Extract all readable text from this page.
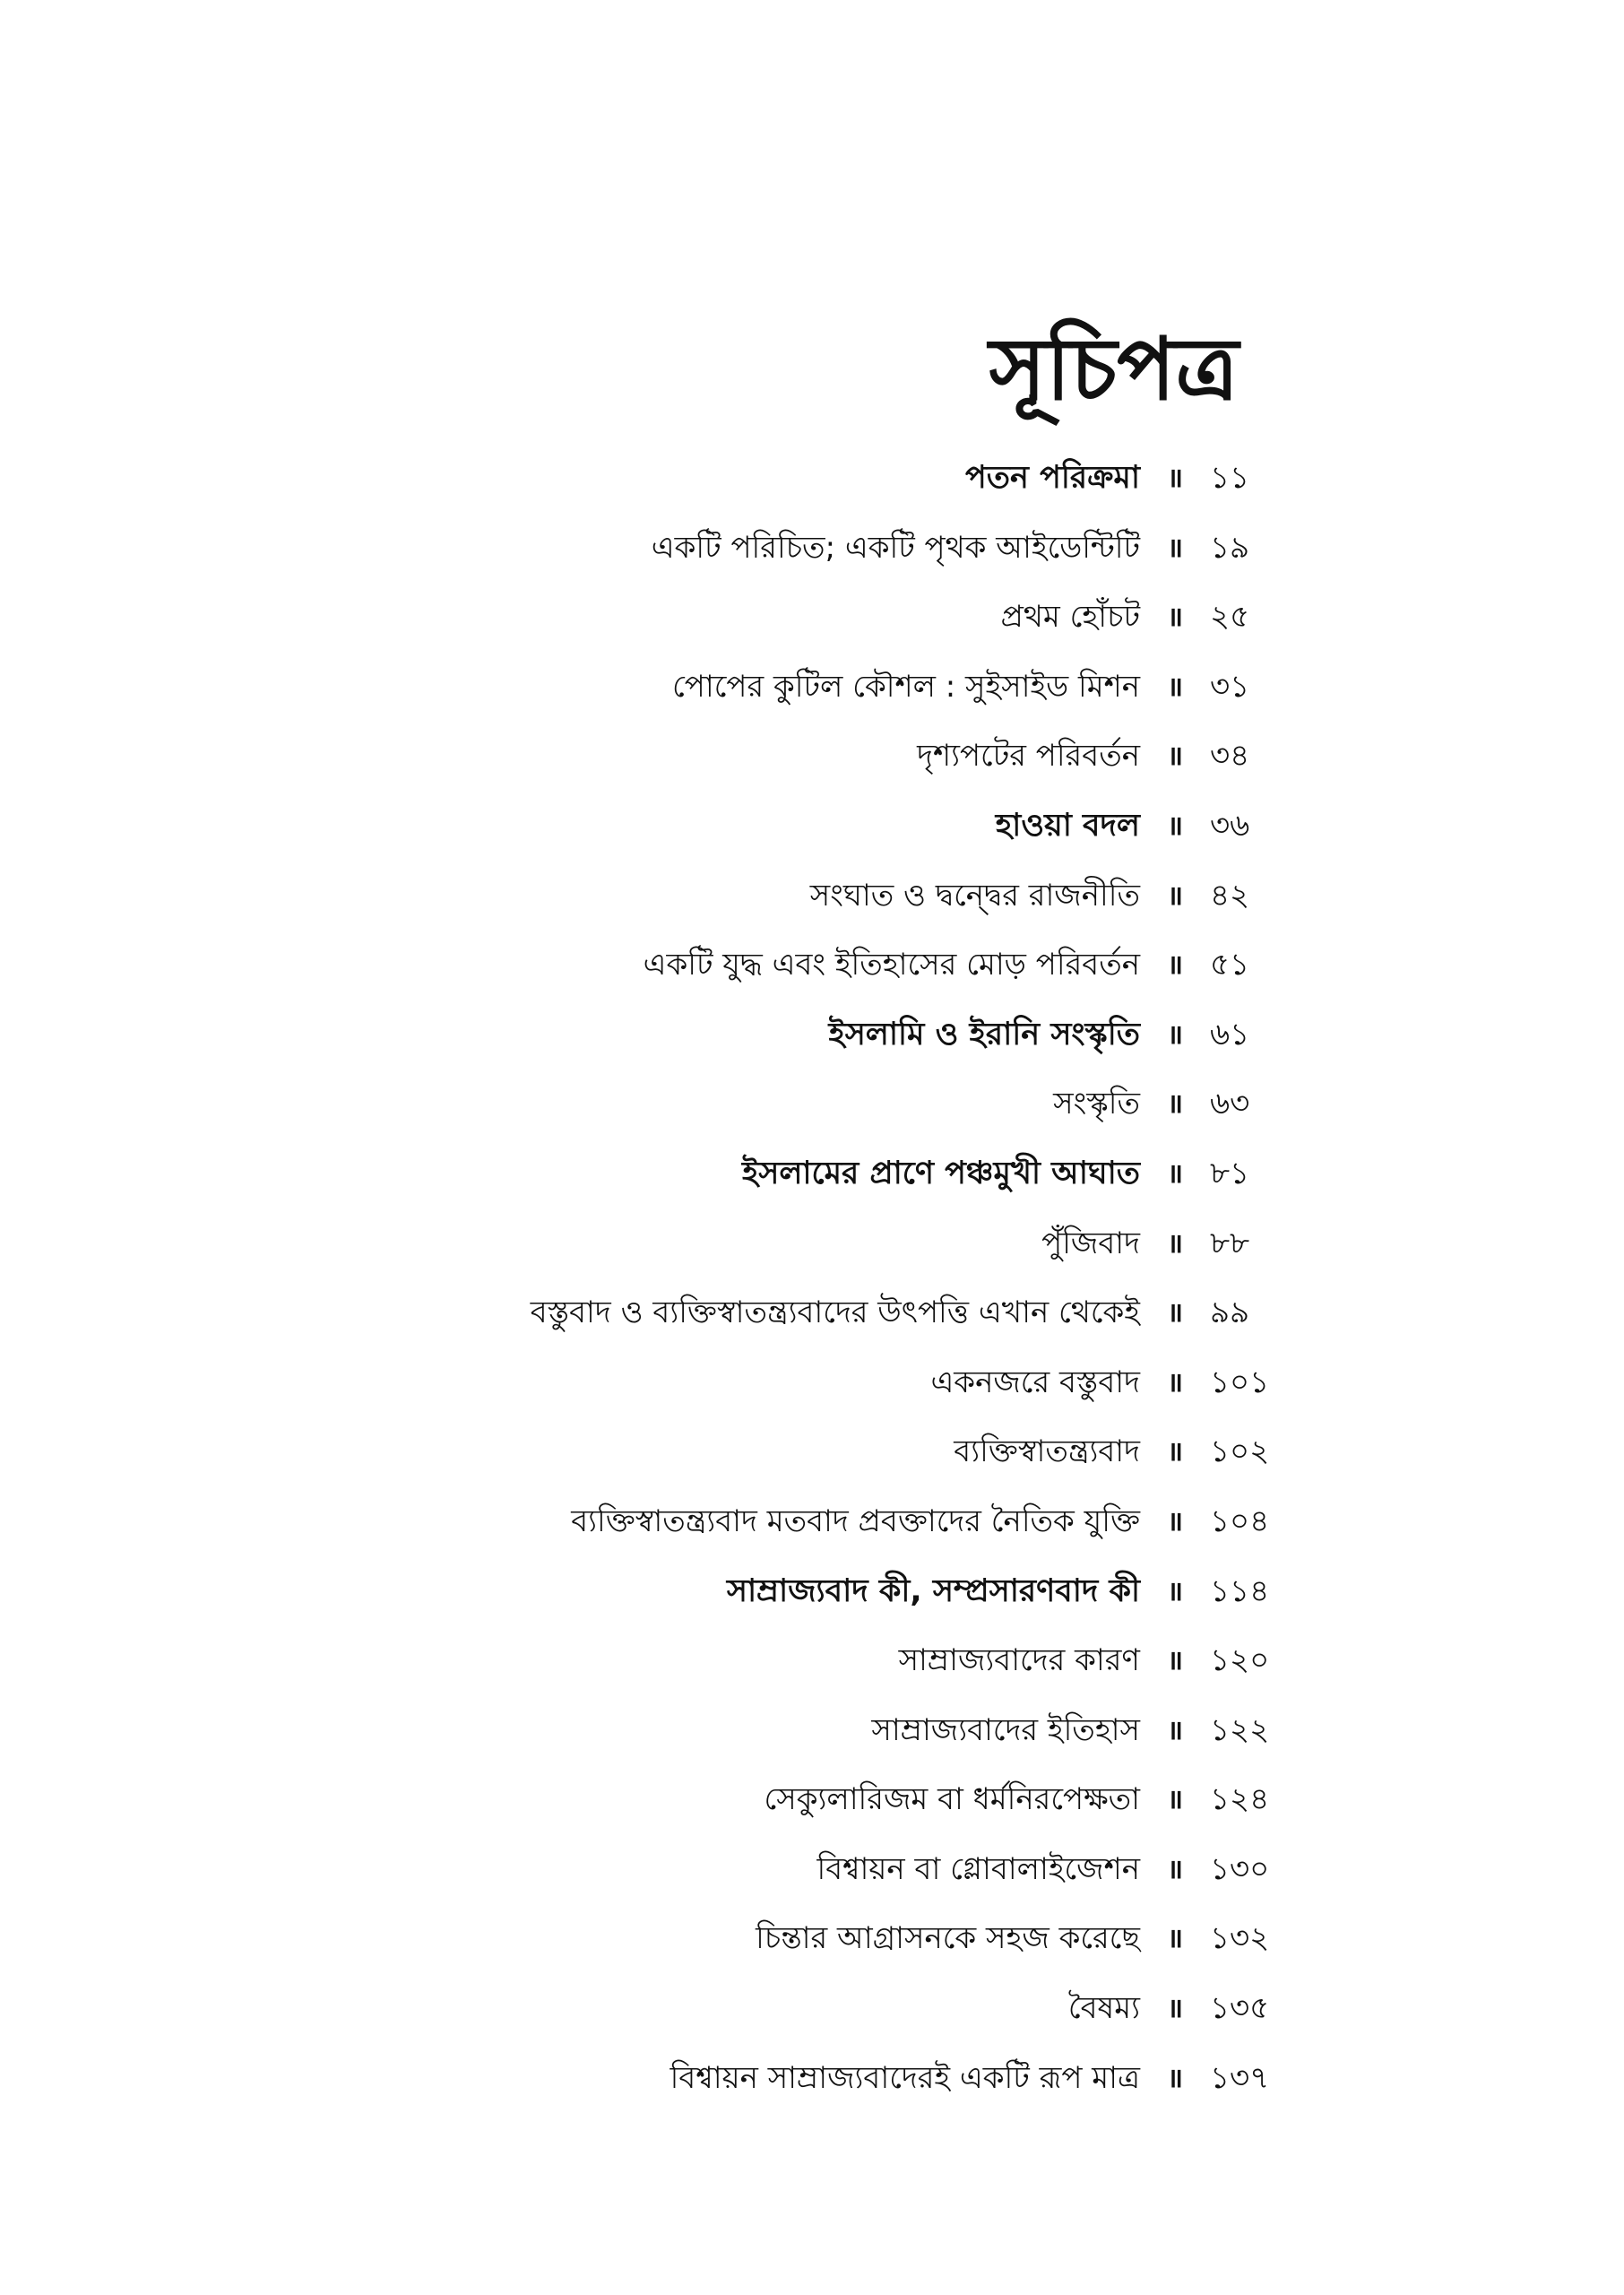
সূচিপত্র
পতন পরিক্রমা ॥ ১১
একটি পরিচিত; একটি পৃথক আইডেন্টিটি ॥ ১৯
প্রথম হোঁচট ॥ ২৫
পোপের কুটিল কৌশল : সুইসাইড মিশন ॥ ৩১
দৃশ্যপটের পরিবর্তন ॥ ৩৪
হাওয়া বদল ॥ ৩৬
সংঘাত ও দ্বন্দ্বের রাজনীতি ॥ ৪২
একটি যুদ্ধ এবং ইতিহাসের মোড় পরিবর্তন ॥ ৫১
ইসলামি ও ইরানি সংস্কৃতি ॥ ৬১
সংস্কৃতি ॥ ৬৩
ইসলামের প্রাণে পঞ্চমুখী আঘাত ॥ ৮১
পুঁজিবাদ ॥ ৮৮
বস্তুবাদ ও ব্যক্তিস্বাতন্ত্র্যবাদের উৎপত্তি এখান থেকেই ॥ ৯৯
একনজরে বস্তুবাদ ॥ ১০১
ব্যক্তিস্বাতন্ত্র্যবাদ ॥ ১০২
ব্যক্তিস্বাতন্ত্র্যবাদ মতবাদ প্রবক্তাদের নৈতিক যুক্তি ॥ ১০৪
সাম্রাজ্যবাদ কী, সম্প্রসারণবাদ কী ॥ ১১৪
সাম্রাজ্যবাদের কারণ ॥ ১২০
সাম্রাজ্যবাদের ইতিহাস ॥ ১২২
সেক্যুলারিজম বা ধর্মনিরপেক্ষতা ॥ ১২৪
বিশ্বায়ন বা গ্লোবালাইজেশন ॥ ১৩০
চিন্তার আগ্রাসনকে সহজ করেছে ॥ ১৩২
বৈষম্য ॥ ১৩৫
বিশ্বায়ন সাম্রাজ্যবাদেরই একটি রূপ মাত্র ॥ ১৩৭
